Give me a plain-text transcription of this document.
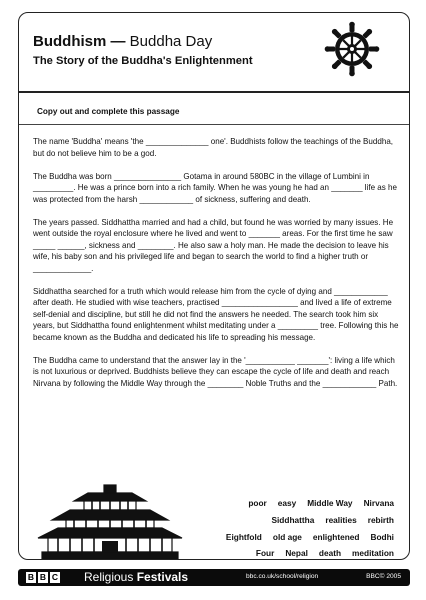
Buddhism — Buddha Day
The Story of the Buddha's Enlightenment
Copy out and complete this passage

The name 'Buddha' means 'the ______________ one'. Buddhists follow the teachings of the Buddha, but do not believe him to be a god.

The Buddha was born _______________ Gotama in around 580BC in the village of Lumbini in _________. He was a prince born into a rich family. When he was young he had an _______ life as he was protected from the harsh ____________ of sickness, suffering and death.

The years passed. Siddhattha married and had a child, but found he was worried by many issues. He went outside the royal enclosure where he lived and went to _______ areas. For the first time he saw _____ ______, sickness and ________. He also saw a holy man. He made the decision to leave his wife, his baby son and his privileged life and began to search the world to find a higher truth or _____________.

Siddhattha searched for a truth which would release him from the cycle of dying and ____________ after death. He studied with wise teachers, practised _________________ and lived a life of extreme self-denial and discipline, but still he did not find the answers he needed. The search took him six years, but Siddhattha found enlightenment whilst meditating under a _________ tree. Following this he became known as the Buddha and dedicated his life to spreading his message.

The Buddha came to understand that the answer lay in the '___________ _______': living a life which is not luxurious or deprived. Buddhists believe they can escape the cycle of life and death and reach Nirvana by following the Middle Way through the ________ Noble Truths and the ____________ Path.

poor easy Middle Way Nirvana
Siddhattha realities rebirth
Eightfold old age enlightened Bodhi
Four Nepal death meditation
B B C Religious Festivals	bbc.co.uk/school/religion	BBC© 2005
